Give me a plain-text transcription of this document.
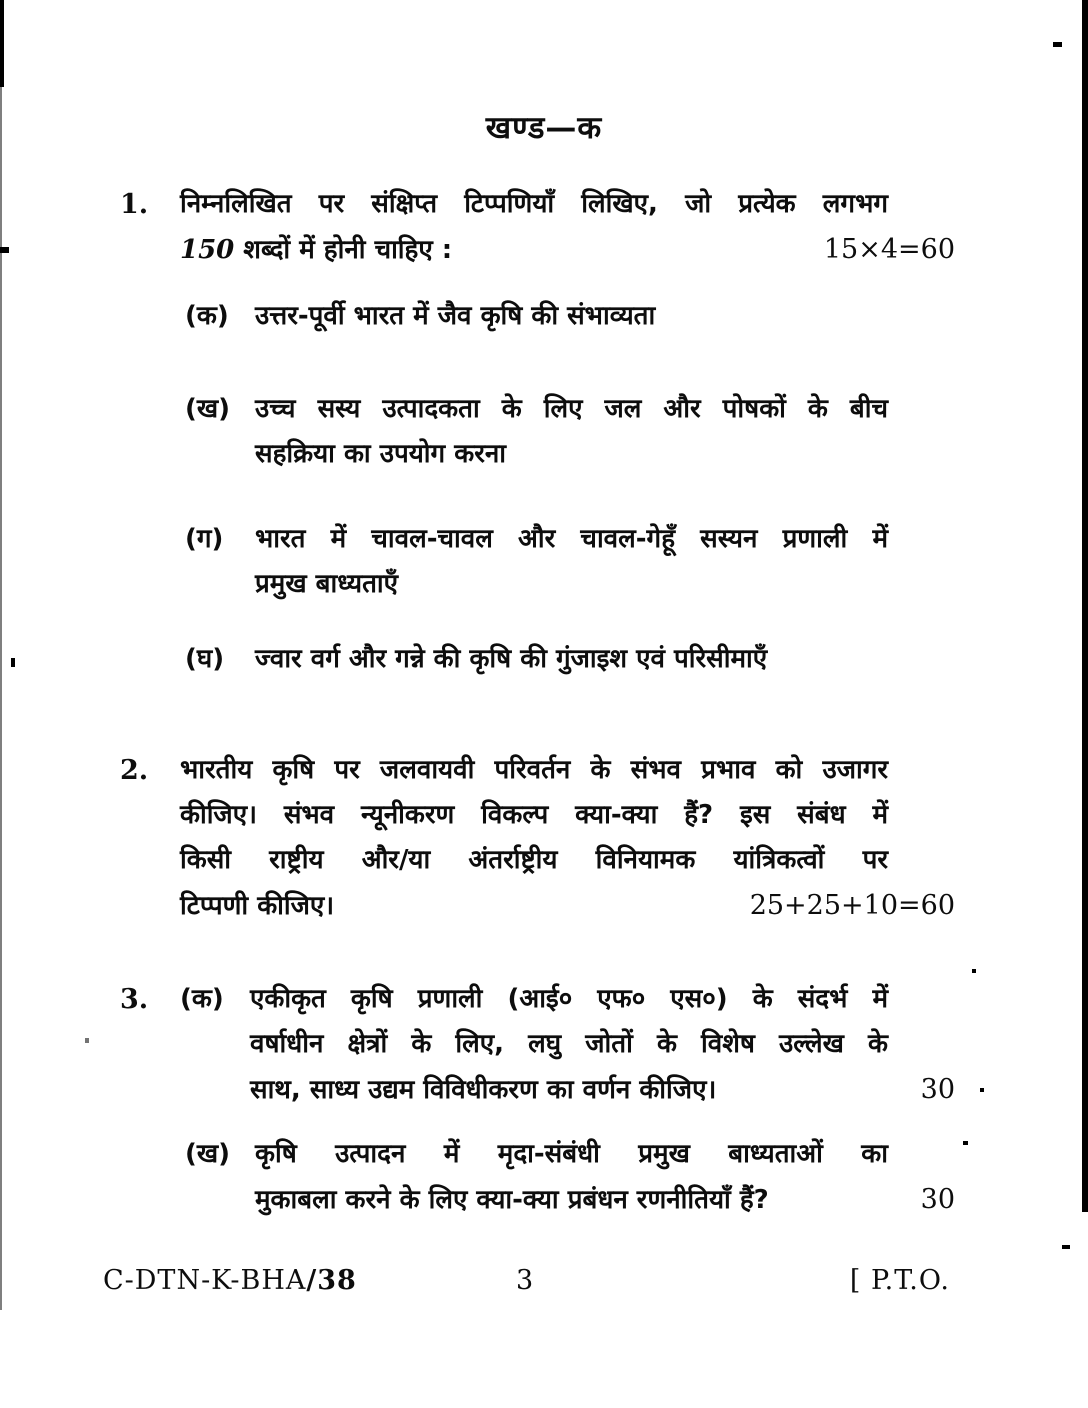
खण्ड—क
1.	निम्नलिखित पर संक्षिप्त टिप्पणियाँ लिखिए, जो प्रत्येक लगभग
150 शब्दों में होनी चाहिए :	15×4=60
(क)	उत्तर-पूर्वी भारत में जैव कृषि की संभाव्यता
(ख) उच्च सस्य उत्पादकता के लिए जल और पोषकों के बीच
सहक्रिया का उपयोग करना
(ग)	भारत में चावल-चावल और चावल-गेहूँ सस्यन प्रणाली में
प्रमुख बाध्यताएँ
(घ)	ज्वार वर्ग और गन्ने की कृषि की गुंजाइश एवं परिसीमाएँ
2.	भारतीय कृषि पर जलवायवी परिवर्तन के संभव प्रभाव को उजागर
कीजिए। संभव न्यूनीकरण विकल्प क्या-क्या हैं? इस संबंध में
किसी राष्ट्रीय और/या अंतर्राष्ट्रीय विनियामक यांत्रिकत्वों पर
टिप्पणी कीजिए।	25+25+10=60
3.	(क)	एकीकृत कृषि प्रणाली (आई० एफ० एस०) के संदर्भ में
वर्षाधीन क्षेत्रों के लिए, लघु जोतों के विशेष उल्लेख के
साथ, साध्य उद्यम विविधीकरण का वर्णन कीजिए।	30
(ख) कृषि उत्पादन में मृदा-संबंधी प्रमुख बाध्यताओं का
मुकाबला करने के लिए क्या-क्या प्रबंधन रणनीतियाँ हैं?	30
C-DTN-K-BHA/38	3	[ P.T.O.
